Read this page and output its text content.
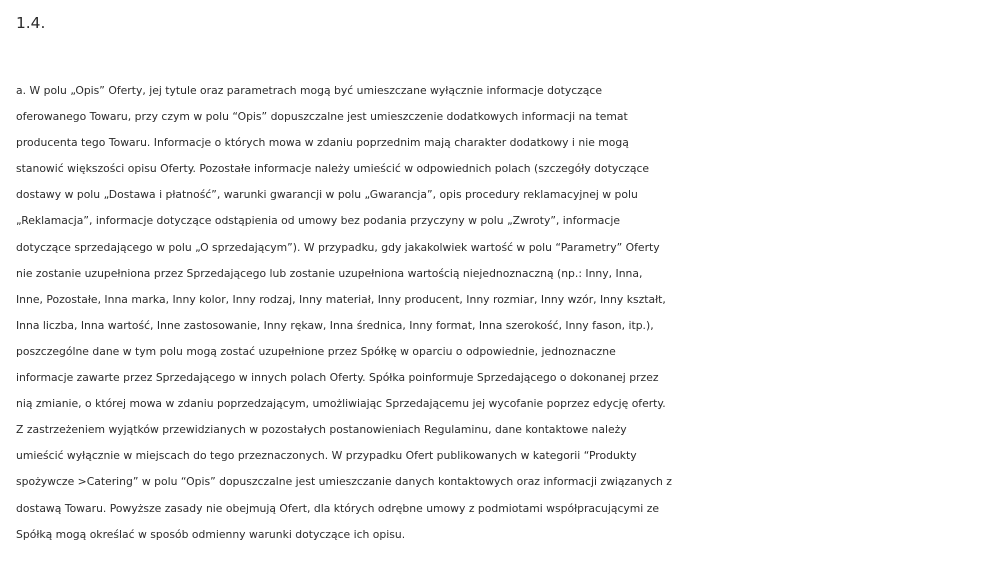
1.4.

a. W polu „Opis” Oferty, jej tytule oraz parametrach mogą być umieszczane wyłącznie informacje dotyczące
oferowanego Towaru, przy czym w polu “Opis” dopuszczalne jest umieszczenie dodatkowych informacji na temat
producenta tego Towaru. Informacje o których mowa w zdaniu poprzednim mają charakter dodatkowy i nie mogą
stanowić większości opisu Oferty. Pozostałe informacje należy umieścić w odpowiednich polach (szczegóły dotyczące
dostawy w polu „Dostawa i płatność”, warunki gwarancji w polu „Gwarancja”, opis procedury reklamacyjnej w polu
„Reklamacja”, informacje dotyczące odstąpienia od umowy bez podania przyczyny w polu „Zwroty”, informacje
dotyczące sprzedającego w polu „O sprzedającym”). W przypadku, gdy jakakolwiek wartość w polu “Parametry” Oferty
nie zostanie uzupełniona przez Sprzedającego lub zostanie uzupełniona wartością niejednoznaczną (np.: Inny, Inna,
Inne, Pozostałe, Inna marka, Inny kolor, Inny rodzaj, Inny materiał, Inny producent, Inny rozmiar, Inny wzór, Inny kształt,
Inna liczba, Inna wartość, Inne zastosowanie, Inny rękaw, Inna średnica, Inny format, Inna szerokość, Inny fason, itp.),
poszczególne dane w tym polu mogą zostać uzupełnione przez Spółkę w oparciu o odpowiednie, jednoznaczne
informacje zawarte przez Sprzedającego w innych polach Oferty. Spółka poinformuje Sprzedającego o dokonanej przez
nią zmianie, o której mowa w zdaniu poprzedzającym, umożliwiając Sprzedającemu jej wycofanie poprzez edycję oferty.
Z zastrzeżeniem wyjątków przewidzianych w pozostałych postanowieniach Regulaminu, dane kontaktowe należy
umieścić wyłącznie w miejscach do tego przeznaczonych. W przypadku Ofert publikowanych w kategorii “Produkty
spożywcze >Catering” w polu “Opis” dopuszczalne jest umieszczanie danych kontaktowych oraz informacji związanych z
dostawą Towaru. Powyższe zasady nie obejmują Ofert, dla których odrębne umowy z podmiotami współpracującymi ze
Spółką mogą określać w sposób odmienny warunki dotyczące ich opisu.
